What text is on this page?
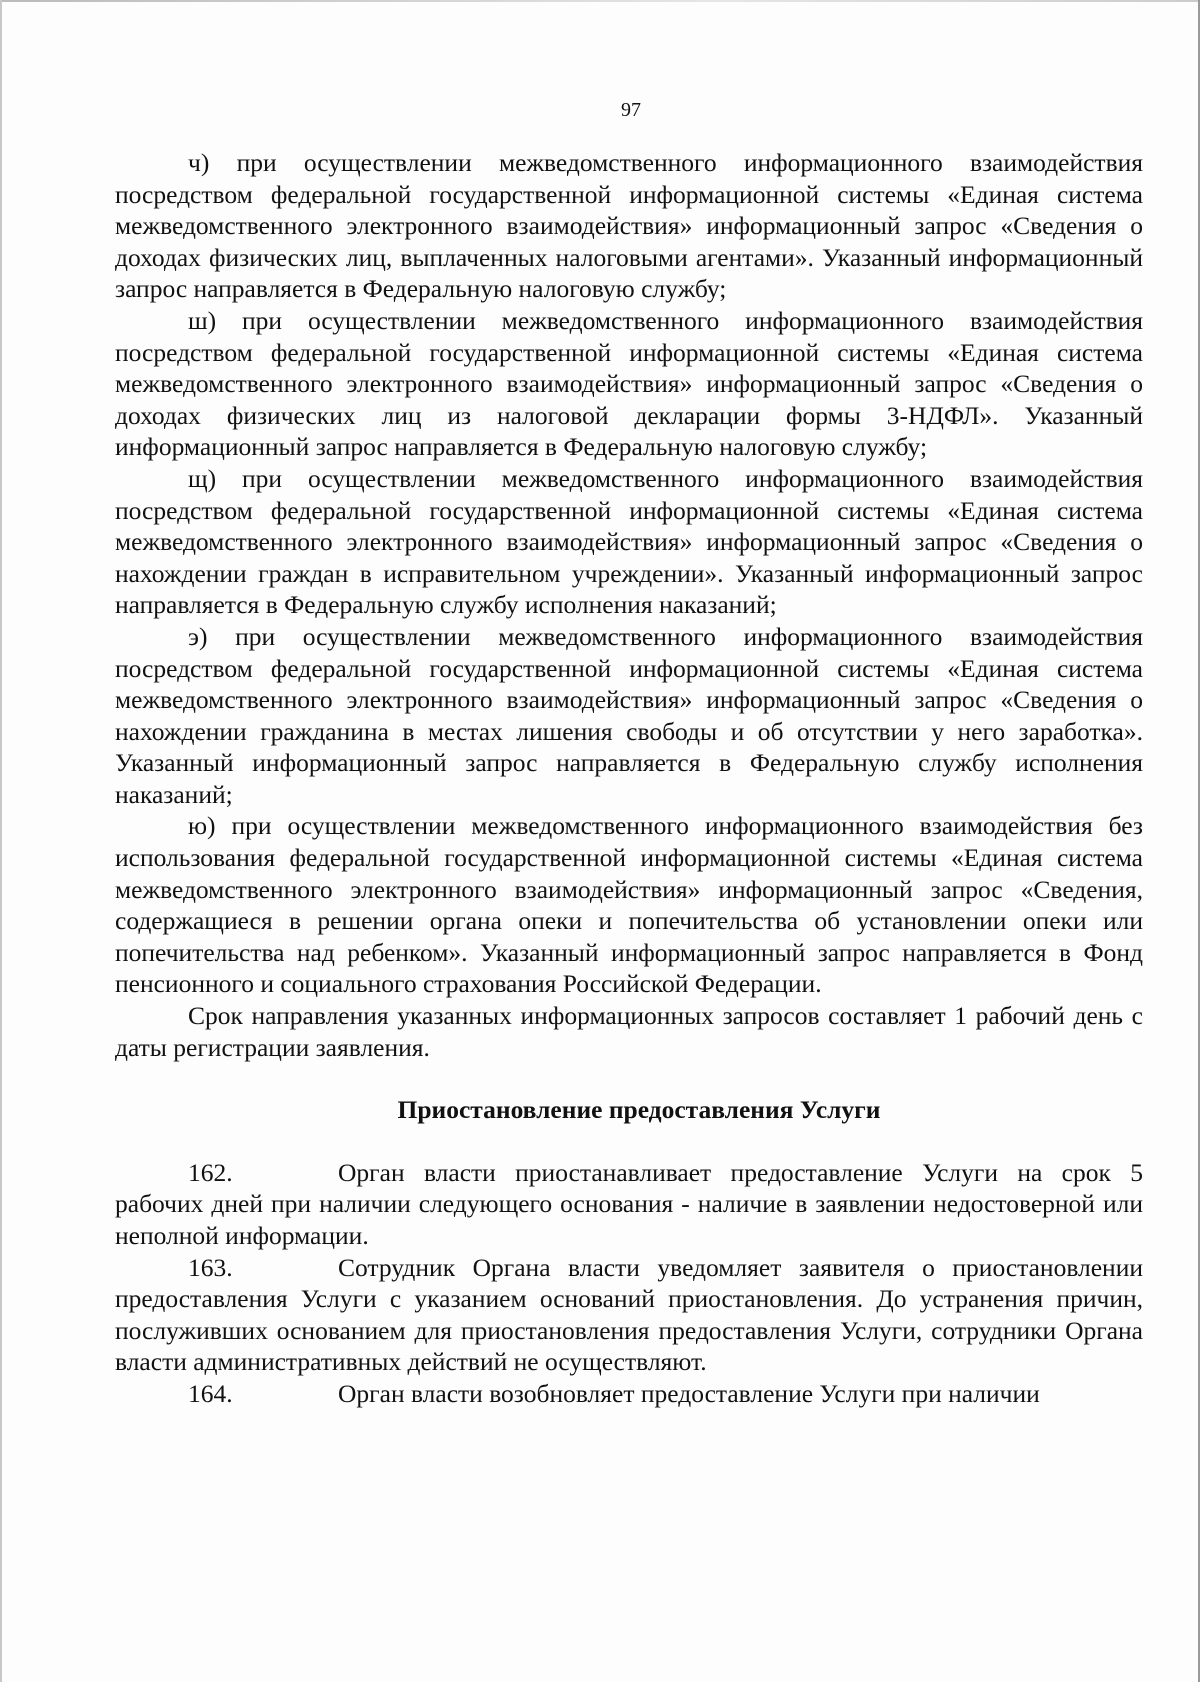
97

ч) при осуществлении межведомственного информационного взаимодействия посредством федеральной государственной информационной системы «Единая система межведомственного электронного взаимодействия» информационный запрос «Сведения о доходах физических лиц, выплаченных налоговыми агентами». Указанный информационный запрос направляется в Федеральную налоговую службу;

ш) при осуществлении межведомственного информационного взаимодействия посредством федеральной государственной информационной системы «Единая система межведомственного электронного взаимодействия» информационный запрос «Сведения о доходах физических лиц из налоговой декларации формы 3-НДФЛ». Указанный информационный запрос направляется в Федеральную налоговую службу;

щ) при осуществлении межведомственного информационного взаимодействия посредством федеральной государственной информационной системы «Единая система межведомственного электронного взаимодействия» информационный запрос «Сведения о нахождении граждан в исправительном учреждении». Указанный информационный запрос направляется в Федеральную службу исполнения наказаний;

э) при осуществлении межведомственного информационного взаимодействия посредством федеральной государственной информационной системы «Единая система межведомственного электронного взаимодействия» информационный запрос «Сведения о нахождении гражданина в местах лишения свободы и об отсутствии у него заработка». Указанный информационный запрос направляется в Федеральную службу исполнения наказаний;

ю) при осуществлении межведомственного информационного взаимодействия без использования федеральной государственной информационной системы «Единая система межведомственного электронного взаимодействия» информационный запрос «Сведения, содержащиеся в решении органа опеки и попечительства об установлении опеки или попечительства над ребенком». Указанный информационный запрос направляется в Фонд пенсионного и социального страхования Российской Федерации.

Срок направления указанных информационных запросов составляет 1 рабочий день с даты регистрации заявления.

Приостановление предоставления Услуги

162.	Орган власти приостанавливает предоставление Услуги на срок 5 рабочих дней при наличии следующего основания - наличие в заявлении недостоверной или неполной информации.

163.	Сотрудник Органа власти уведомляет заявителя о приостановлении предоставления Услуги с указанием оснований приостановления. До устранения причин, послуживших основанием для приостановления предоставления Услуги, сотрудники Органа власти административных действий не осуществляют.

164.	Орган власти возобновляет предоставление Услуги при наличии
